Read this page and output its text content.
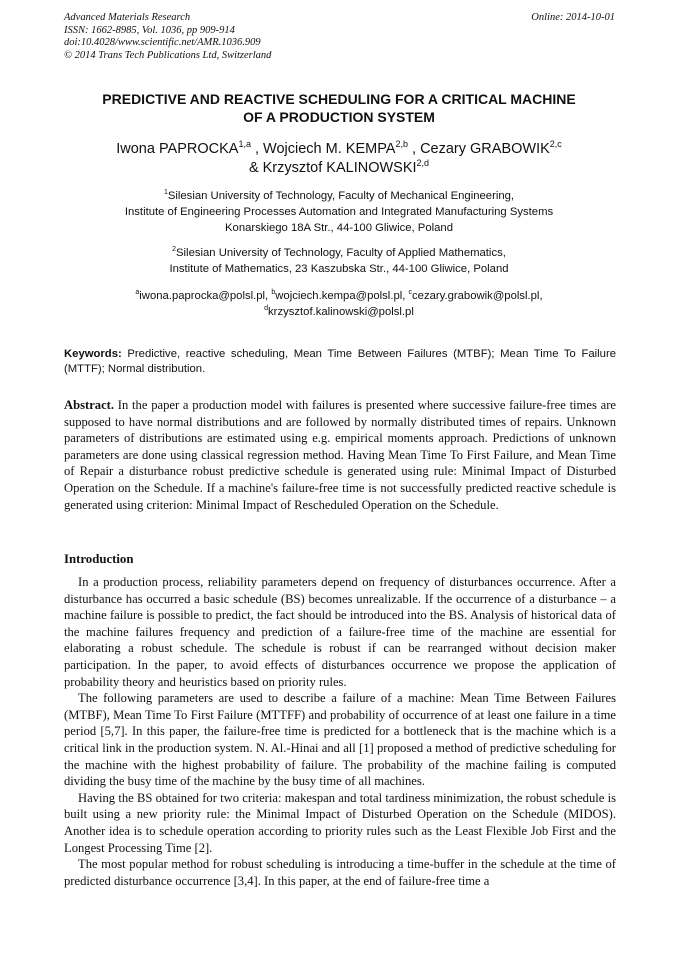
Advanced Materials Research
ISSN: 1662-8985, Vol. 1036, pp 909-914
doi:10.4028/www.scientific.net/AMR.1036.909
© 2014 Trans Tech Publications Ltd, Switzerland
Online: 2014-10-01
PREDICTIVE AND REACTIVE SCHEDULING FOR A CRITICAL MACHINE
OF A PRODUCTION SYSTEM
Iwona PAPROCKA$^{1,a}$ , Wojciech M. KEMPA$^{2,b}$ , Cezary GRABOWIK$^{2,c}$
& Krzysztof KALINOWSKI$^{2,d}$
$^1$Silesian University of Technology, Faculty of Mechanical Engineering,
Institute of Engineering Processes Automation and Integrated Manufacturing Systems
Konarskiego 18A Str., 44-100 Gliwice, Poland
$^2$Silesian University of Technology, Faculty of Applied Mathematics,
Institute of Mathematics, 23 Kaszubska Str., 44-100 Gliwice, Poland
$^a$iwona.paprocka@polsl.pl, $^b$wojciech.kempa@polsl.pl, $^c$cezary.grabowik@polsl.pl,
$^d$krzysztof.kalinowski@polsl.pl
Keywords: Predictive, reactive scheduling, Mean Time Between Failures (MTBF); Mean Time To Failure (MTTF); Normal distribution.
Abstract. In the paper a production model with failures is presented where successive failure-free times are supposed to have normal distributions and are followed by normally distributed times of repairs. Unknown parameters of distributions are estimated using e.g. empirical moments approach. Predictions of unknown parameters are done using classical regression method. Having Mean Time To First Failure, and Mean Time of Repair a disturbance robust predictive schedule is generated using rule: Minimal Impact of Disturbed Operation on the Schedule. If a machine's failure-free time is not successfully predicted reactive schedule is generated using criterion: Minimal Impact of Rescheduled Operation on the Schedule.
Introduction

In a production process, reliability parameters depend on frequency of disturbances occurrence. After a disturbance has occurred a basic schedule (BS) becomes unrealizable. If the occurrence of a disturbance – a machine failure is possible to predict, the fact should be introduced into the BS. Analysis of historical data of the machine failures frequency and prediction of a failure-free time of the machine are essential for elaborating a robust schedule. The schedule is robust if can be rearranged without decision maker participation. In the paper, to avoid effects of disturbances occurrence we propose the application of probability theory and heuristics based on priority rules.

The following parameters are used to describe a failure of a machine: Mean Time Between Failures (MTBF), Mean Time To First Failure (MTTFF) and probability of occurrence of at least one failure in a time period [5,7]. In this paper, the failure-free time is predicted for a bottleneck that is the machine which is a critical link in the production system. N. Al.-Hinai and all [1] proposed a method of predictive scheduling for the machine with the highest probability of failure. The probability of the machine failing is computed dividing the busy time of the machine by the busy time of all machines.

Having the BS obtained for two criteria: makespan and total tardiness minimization, the robust schedule is built using a new priority rule: the Minimal Impact of Disturbed Operation on the Schedule (MIDOS). Another idea is to schedule operation according to priority rules such as the Least Flexible Job First and the Longest Processing Time [2].

The most popular method for robust scheduling is introducing a time-buffer in the schedule at the time of predicted disturbance occurrence [3,4]. In this paper, at the end of failure-free time a
